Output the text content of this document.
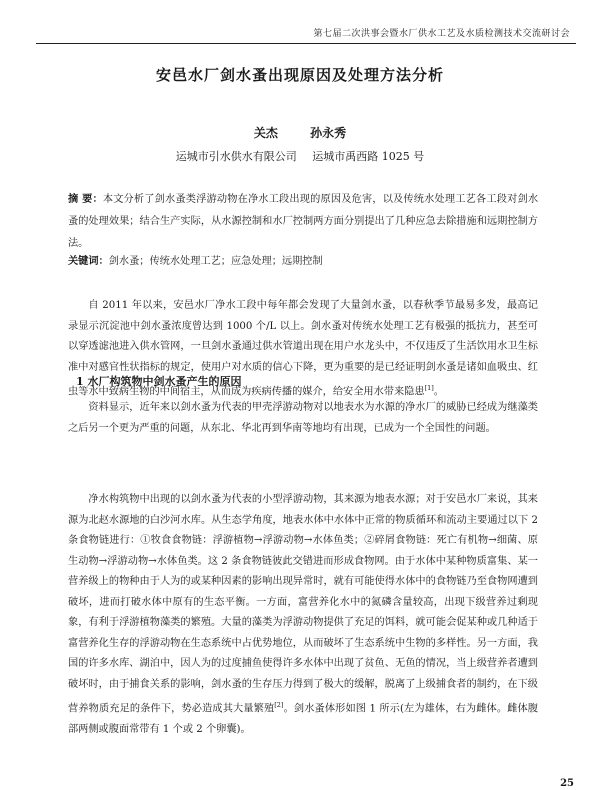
第七届二次洪事会暨水厂供水工艺及水质检测技术交流研讨会
安邑水厂剑水蚤出现原因及处理方法分析
关杰	孙永秀
运城市引水供水有限公司 运城市禹西路 1025 号
摘 要：本文分析了剑水蚤类浮游动物在净水工段出现的原因及危害，以及传统水处理工艺各工段对剑水蚤的处理效果；结合生产实际，从水源控制和水厂控制两方面分别提出了几种应急去除措施和远期控制方法。
关键词：剑水蚤；传统水处理工艺；应急处理；远期控制

自 2011 年以来，安邑水厂净水工段中每年都会发现了大量剑水蚤，以春秋季节最易多发，最高记录显示沉淀池中剑水蚤浓度曾达到 1000 个/L 以上。剑水蚤对传统水处理工艺有极强的抵抗力，甚至可以穿透滤池进入供水管网，一旦剑水蚤通过供水管道出现在用户水龙头中，不仅违反了生活饮用水卫生标准中对感官性状指标的规定，使用户对水质的信心下降，更为重要的是已经证明剑水蚤是诸如血吸虫、红虫等水中致病生物的中间宿主，从而成为疾病传播的媒介，给安全用水带来隐患[1]。

1 水厂构筑物中剑水蚤产生的原因

资料显示，近年来以剑水蚤为代表的甲壳浮游动物对以地表水为水源的净水厂的威胁已经成为继藻类之后另一个更为严重的问题，从东北、华北再到华南等地均有出现，已成为一个全国性的问题。

净水构筑物中出现的以剑水蚤为代表的小型浮游动物，其来源为地表水源；对于安邑水厂来说，其来源为北赵水源地的白沙河水库。从生态学角度，地表水体中水体中正常的物质循环和流动主要通过以下 2 条食物链进行：①牧食食物链：浮游植物→浮游动物→水体鱼类；②碎屑食物链：死亡有机物→细菌、原生动物→浮游动物→水体鱼类。这 2 条食物链彼此交错进而形成食物网。由于水体中某种物质富集、某一营养级上的物种由于人为的或某种因素的影响出现异常时，就有可能使得水体中的食物链乃至食物网遭到破坏，进而打破水体中原有的生态平衡。一方面，富营养化水中的氮磷含量较高，出现下级营养过剩现象，有利于浮游植物藻类的繁殖。大量的藻类为浮游动物提供了充足的饵料，就可能会促某种或几种适于富营养化生存的浮游动物在生态系统中占优势地位，从而破坏了生态系统中生物的多样性。另一方面，我国的许多水库、湖泊中，因人为的过度捕鱼使得许多水体中出现了贫鱼、无鱼的情况，当上级营养者遭到破坏时，由于捕食关系的影响，剑水蚤的生存压力得到了极大的缓解，脱离了上级捕食者的制约，在下级营养物质充足的条件下，势必造成其大量繁殖[2]。剑水蚤体形如图 1 所示(左为雄体，右为雌体。雌体腹部两侧或腹面常带有 1 个或 2 个卵囊)。

25
